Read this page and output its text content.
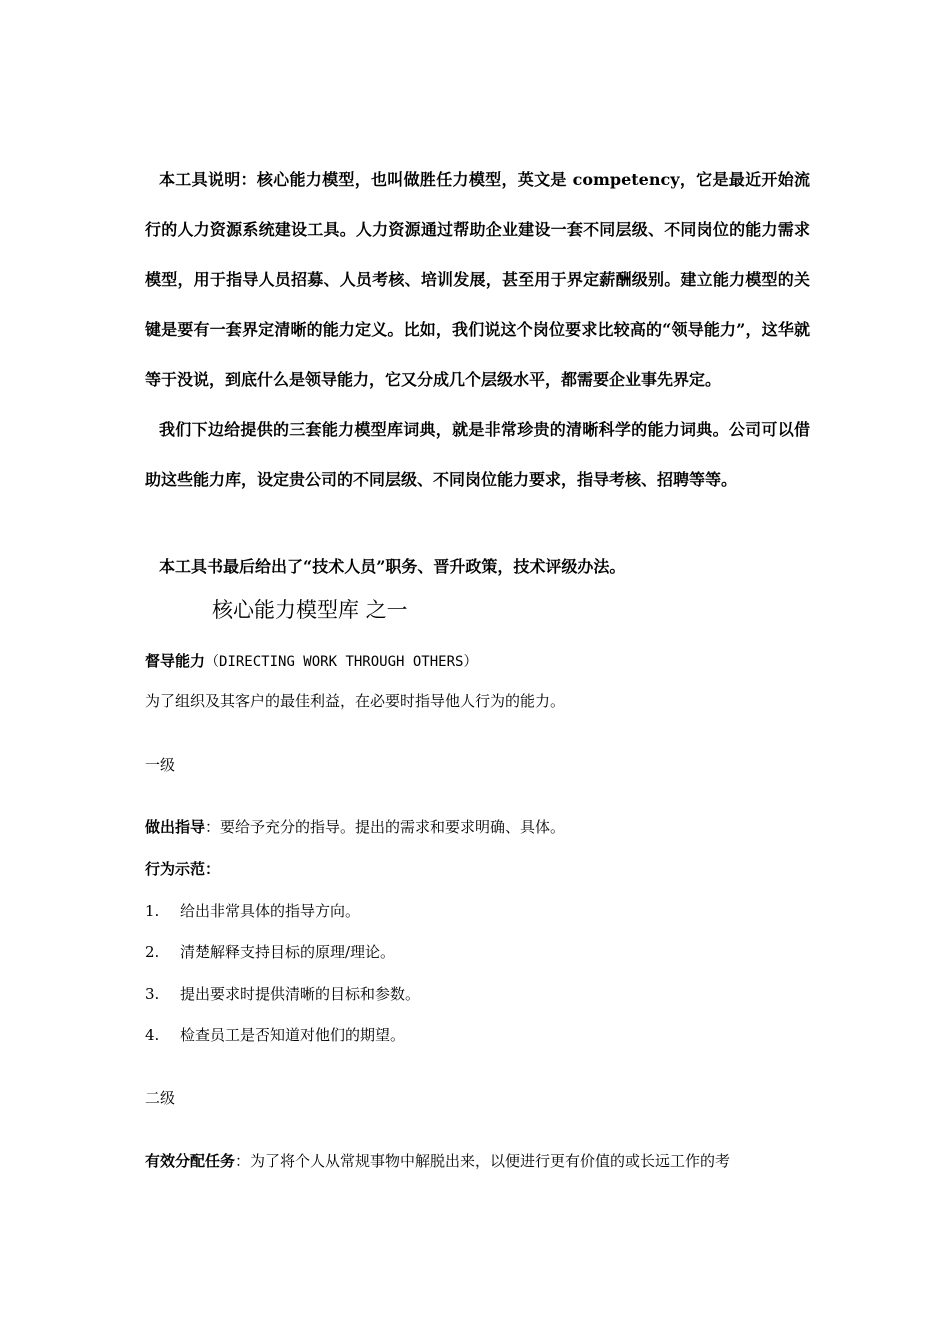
本工具说明：核心能力模型，也叫做胜任力模型，英文是 competency，它是最近开始流行的人力资源系统建设工具。人力资源通过帮助企业建设一套不同层级、不同岗位的能力需求模型，用于指导人员招募、人员考核、培训发展，甚至用于界定薪酬级别。建立能力模型的关键是要有一套界定清晰的能力定义。比如，我们说这个岗位要求比较高的“领导能力”，这华就等于没说，到底什么是领导能力，它又分成几个层级水平，都需要企业事先界定。

我们下边给提供的三套能力模型库词典，就是非常珍贵的清晰科学的能力词典。公司可以借助这些能力库，设定贵公司的不同层级、不同岗位能力要求，指导考核、招聘等等。

本工具书最后给出了“技术人员”职务、晋升政策，技术评级办法。

核心能力模型库 之一

督导能力（DIRECTING WORK THROUGH OTHERS）

为了组织及其客户的最佳利益，在必要时指导他人行为的能力。

一级

做出指导：要给予充分的指导。提出的需求和要求明确、具体。

行为示范：

1. 给出非常具体的指导方向。

2. 清楚解释支持目标的原理/理论。

3. 提出要求时提供清晰的目标和参数。

4. 检查员工是否知道对他们的期望。

二级

有效分配任务：为了将个人从常规事物中解脱出来，以便进行更有价值的或长远工作的考
